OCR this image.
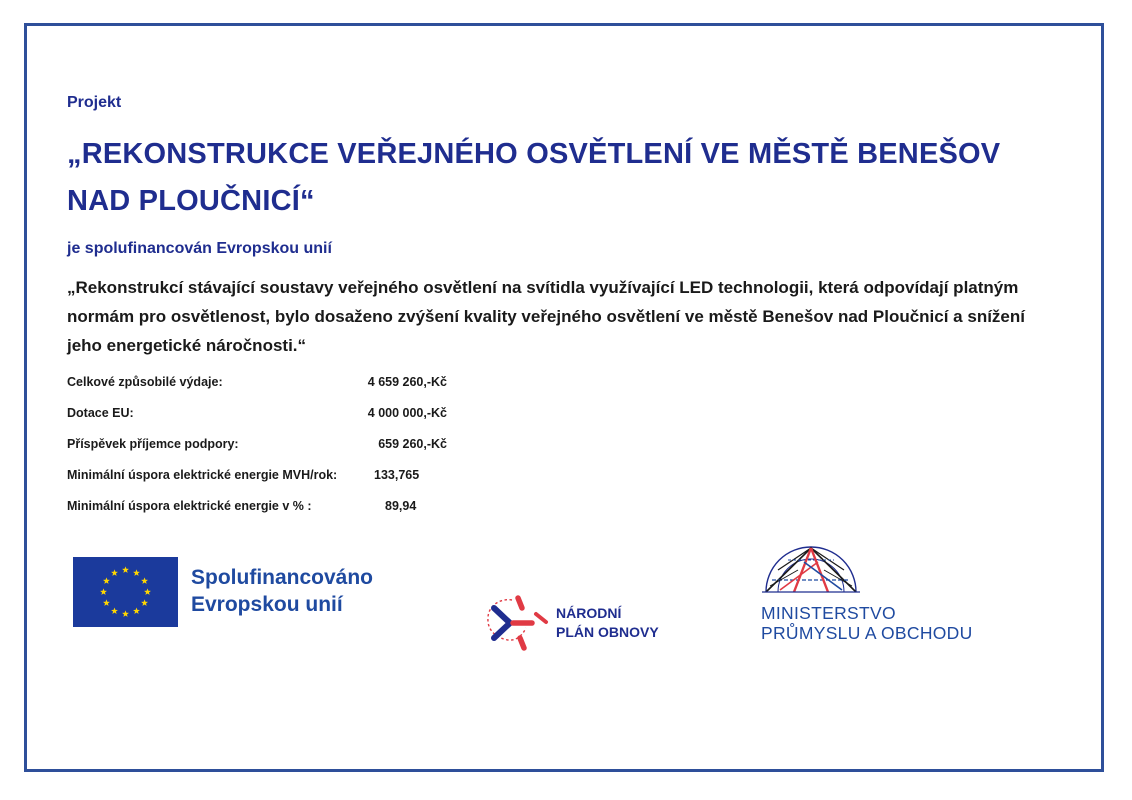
Projekt
„REKONSTRUKCE VEŘEJNÉHO OSVĚTLENÍ VE MĚSTĚ BENEŠOV NAD PLOUČNICÍ“
je spolufinancován Evropskou unií

„Rekonstrukcí stávající soustavy veřejného osvětlení na svítidla využívající LED technologii, která odpovídají platným normám pro osvětlenost, bylo dosaženo zvýšení kvality veřejného osvětlení ve městě Benešov nad Ploučnicí a snížení jeho energetické náročnosti.“

Celkové způsobilé výdaje:	4 659 260,-Kč
Dotace EU:	4 000 000,-Kč
Příspěvek příjemce podpory:	659 260,-Kč
Minimální úspora elektrické energie MVH/rok:	133,765
Minimální úspora elektrické energie v % :	89,94
Spolufinancováno
Evropskou unií	NÁRODNÍ
PLÁN OBNOVY
MINISTERSTVO
PRŮMYSLU A OBCHODU
